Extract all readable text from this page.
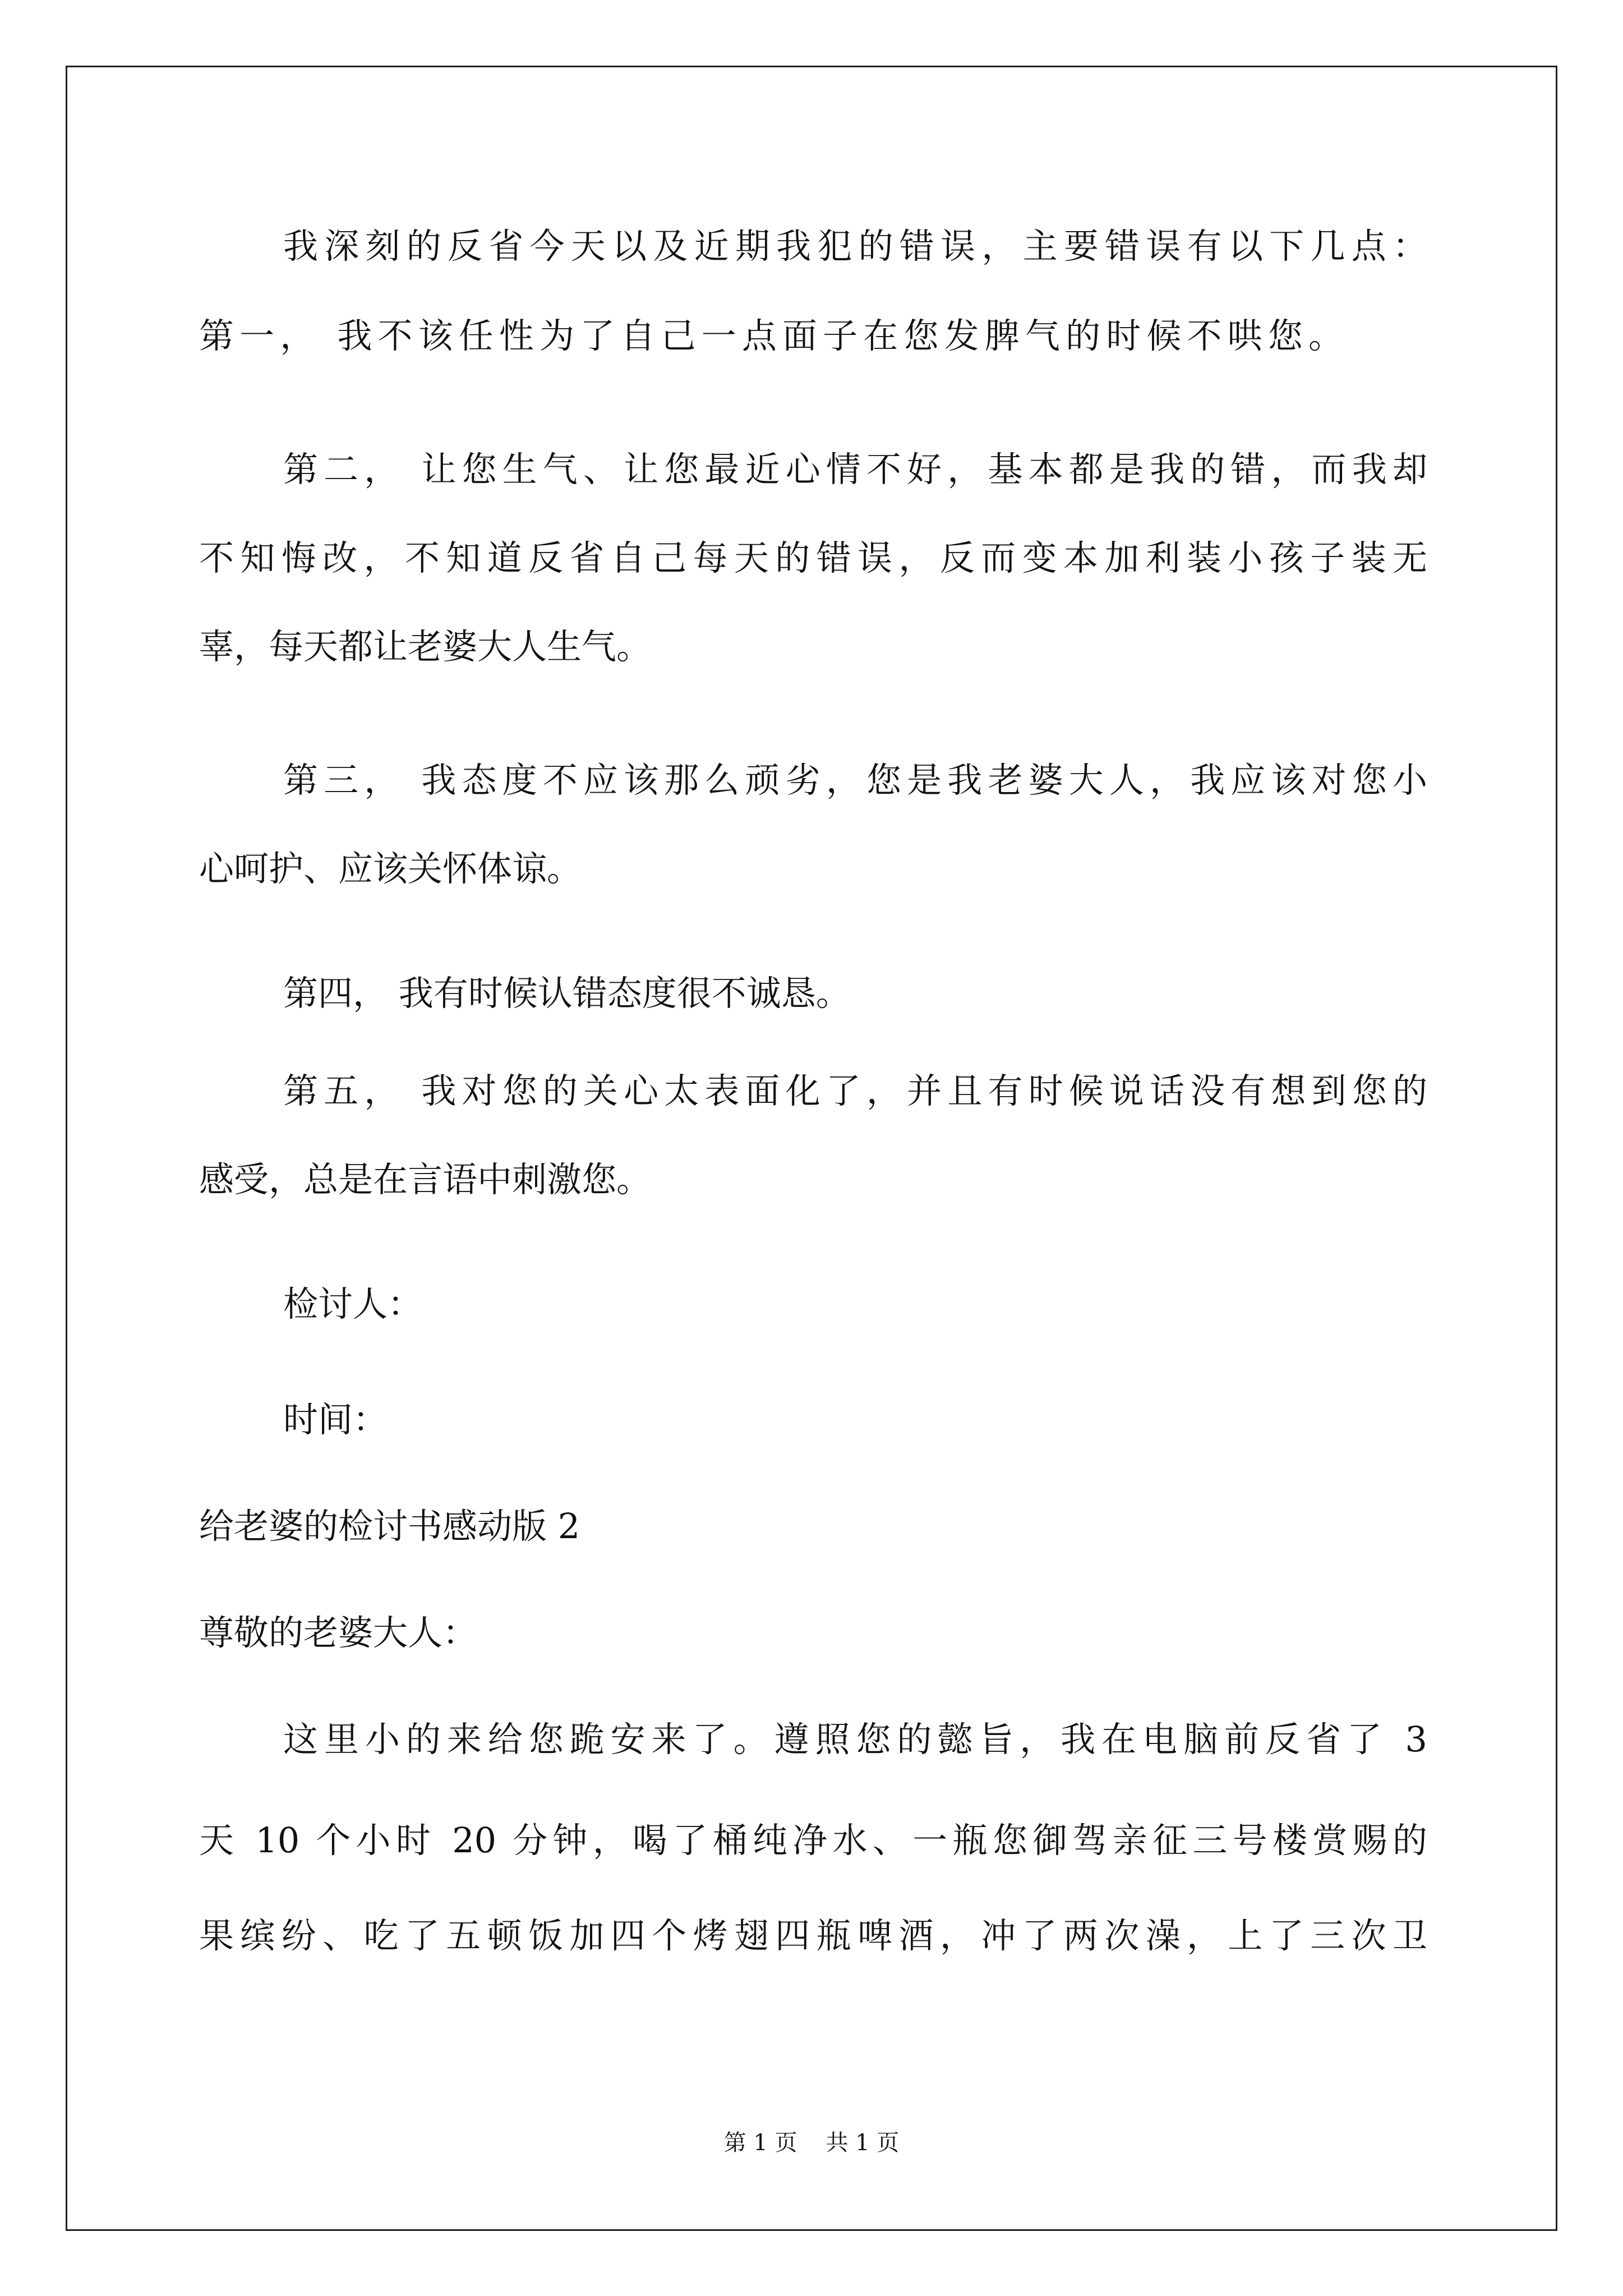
我深刻的反省今天以及近期我犯的错误，主要错误有以下几点：
第一， 我不该任性为了自己一点面子在您发脾气的时候不哄您。
第二， 让您生气、让您最近心情不好，基本都是我的错，而我却
不知悔改，不知道反省自己每天的错误，反而变本加利装小孩子装无
辜，每天都让老婆大人生气。
第三， 我态度不应该那么顽劣，您是我老婆大人，我应该对您小
心呵护、应该关怀体谅。
第四， 我有时候认错态度很不诚恳。
第五， 我对您的关心太表面化了，并且有时候说话没有想到您的
感受，总是在言语中刺激您。
检讨人：
时间：
给老婆的检讨书感动版 2
尊敬的老婆大人：
这里小的来给您跪安来了。遵照您的懿旨，我在电脑前反省了 3
天 10 个小时 20 分钟，喝了桶纯净水、一瓶您御驾亲征三号楼赏赐的
果缤纷、吃了五顿饭加四个烤翅四瓶啤酒，冲了两次澡，上了三次卫
第 1 页    共 1 页
